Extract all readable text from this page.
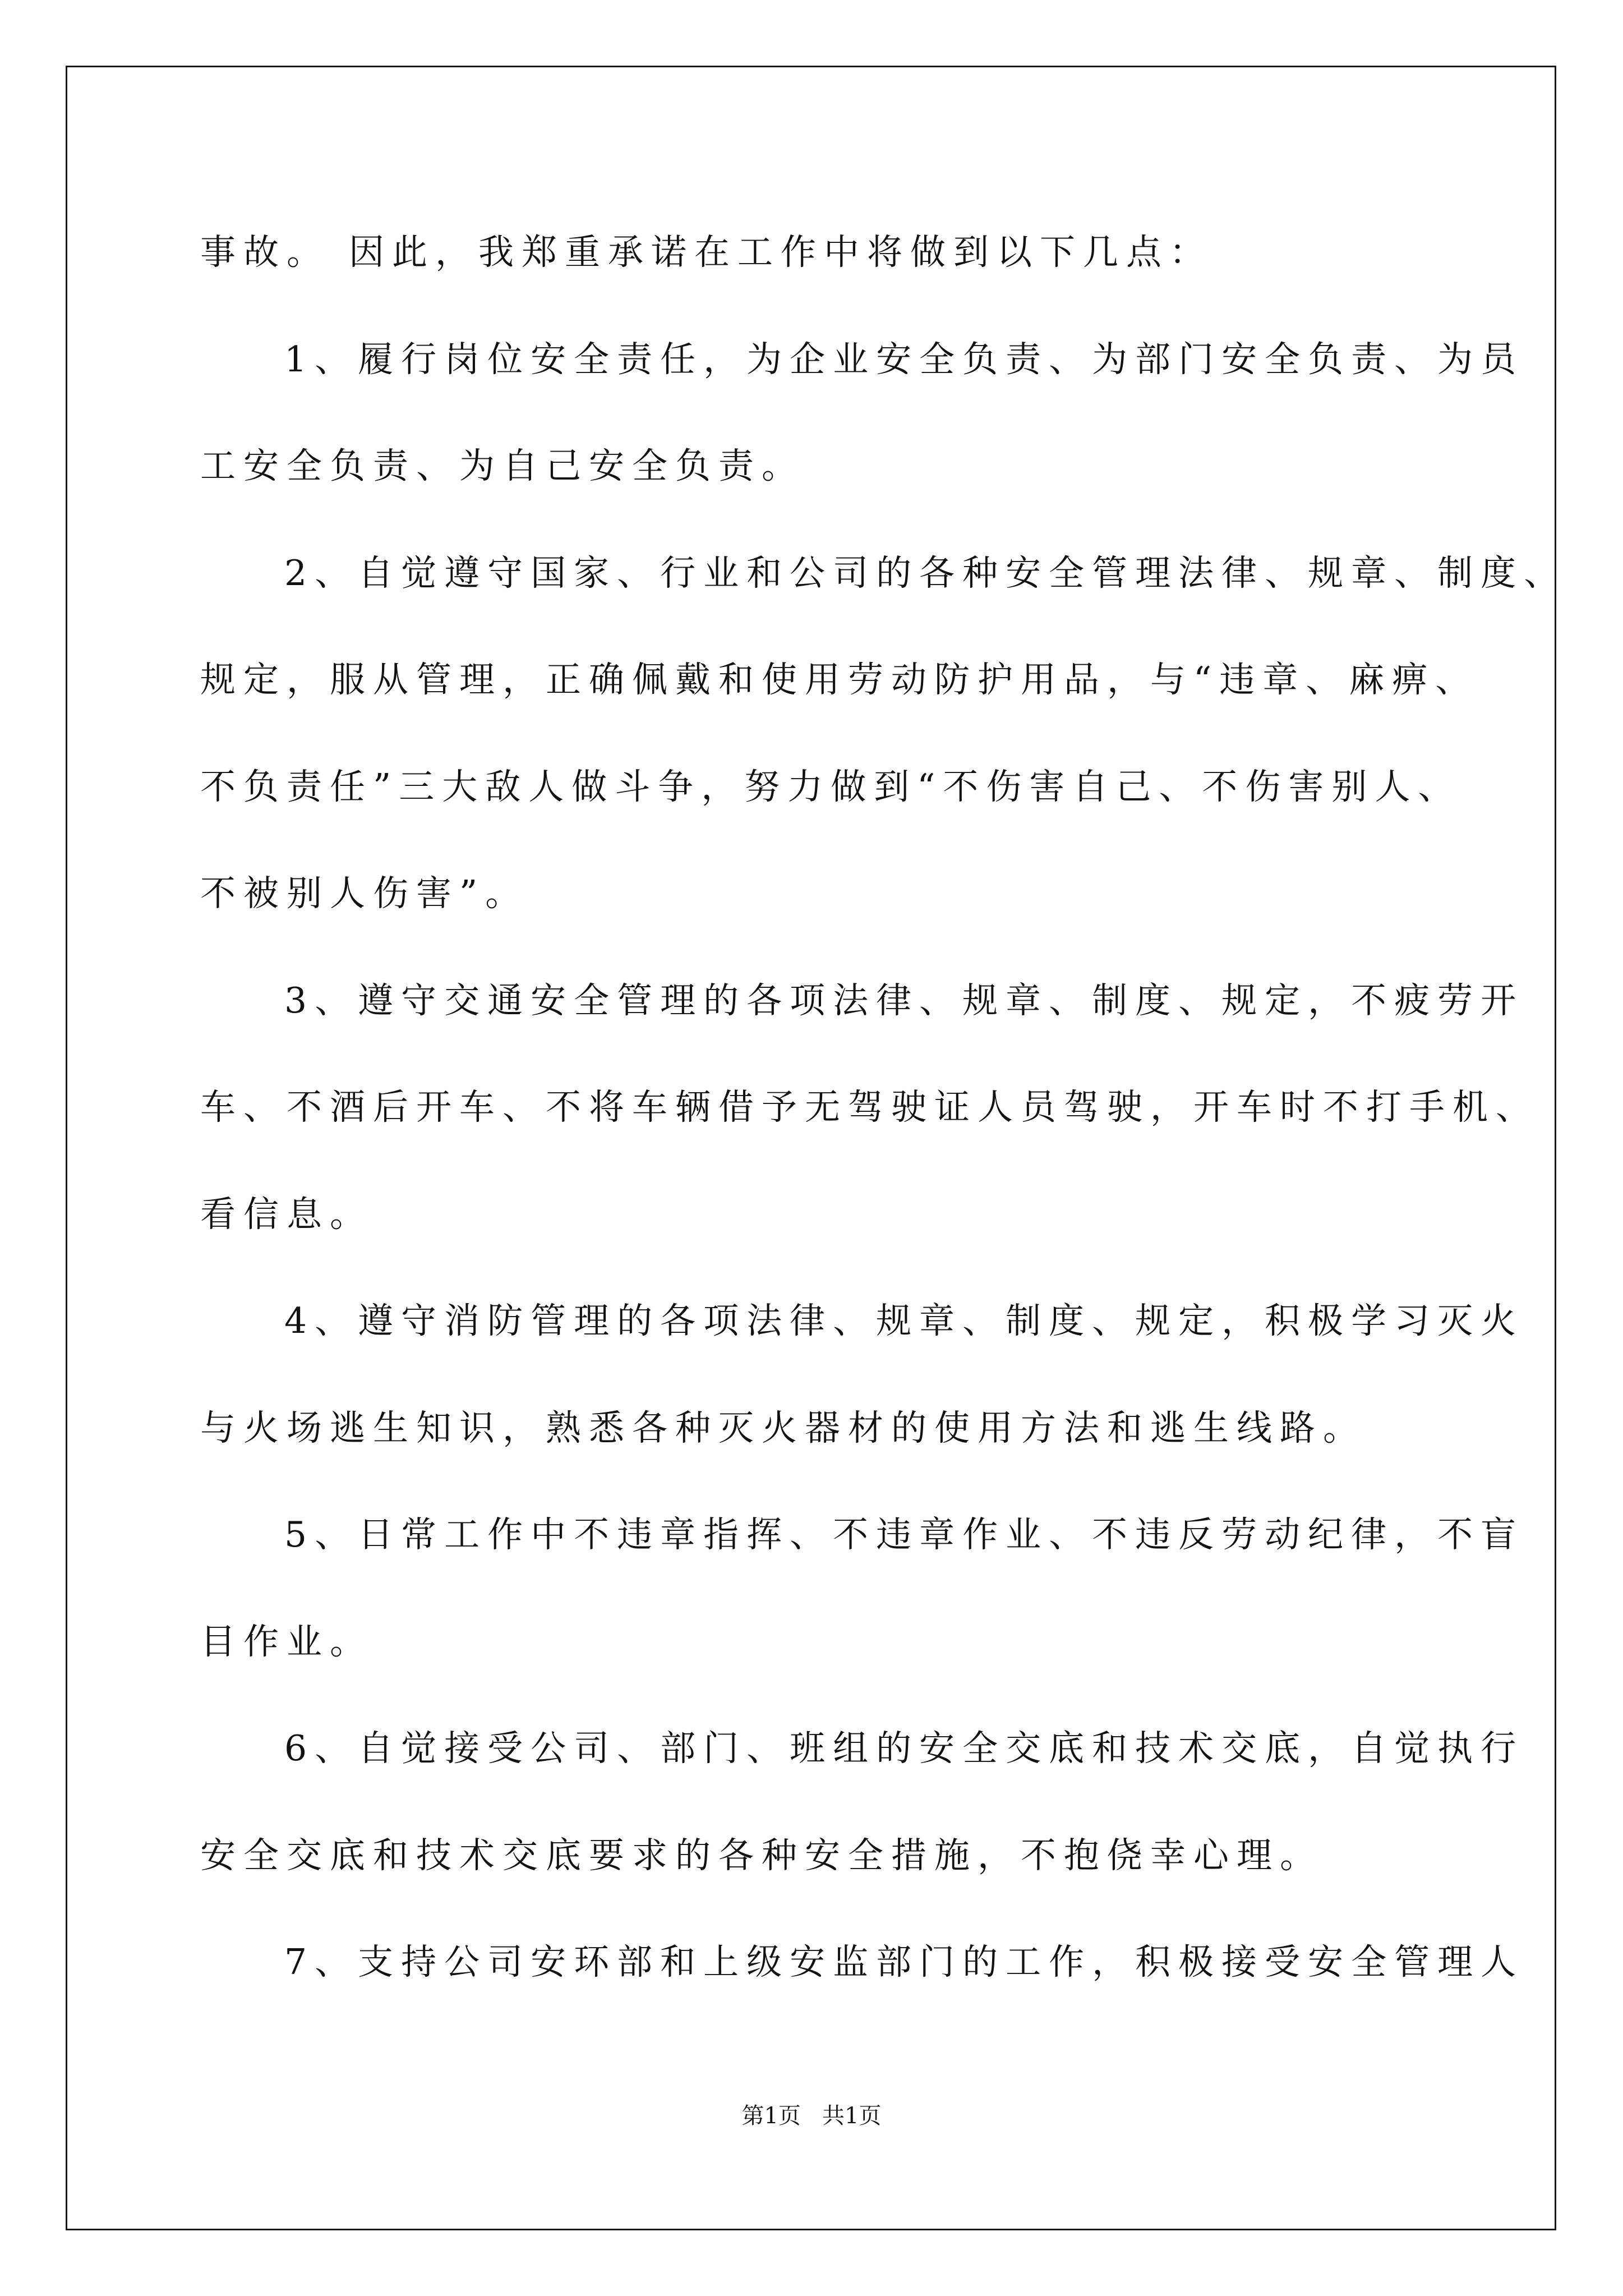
事故。 因此，我郑重承诺在工作中将做到以下几点：
1、履行岗位安全责任，为企业安全负责、为部门安全负责、为员
工安全负责、为自己安全负责。
2、自觉遵守国家、行业和公司的各种安全管理法律、规章、制度、
规定，服从管理，正确佩戴和使用劳动防护用品，与“违章、麻痹、
不负责任”三大敌人做斗争，努力做到“不伤害自己、不伤害别人、
不被别人伤害”。
3、遵守交通安全管理的各项法律、规章、制度、规定，不疲劳开
车、不酒后开车、不将车辆借予无驾驶证人员驾驶，开车时不打手机、
看信息。
4、遵守消防管理的各项法律、规章、制度、规定，积极学习灭火
与火场逃生知识，熟悉各种灭火器材的使用方法和逃生线路。
5、日常工作中不违章指挥、不违章作业、不违反劳动纪律，不盲
目作业。
6、自觉接受公司、部门、班组的安全交底和技术交底，自觉执行
安全交底和技术交底要求的各种安全措施，不抱侥幸心理。
7、支持公司安环部和上级安监部门的工作，积极接受安全管理人
第1页   共1页
